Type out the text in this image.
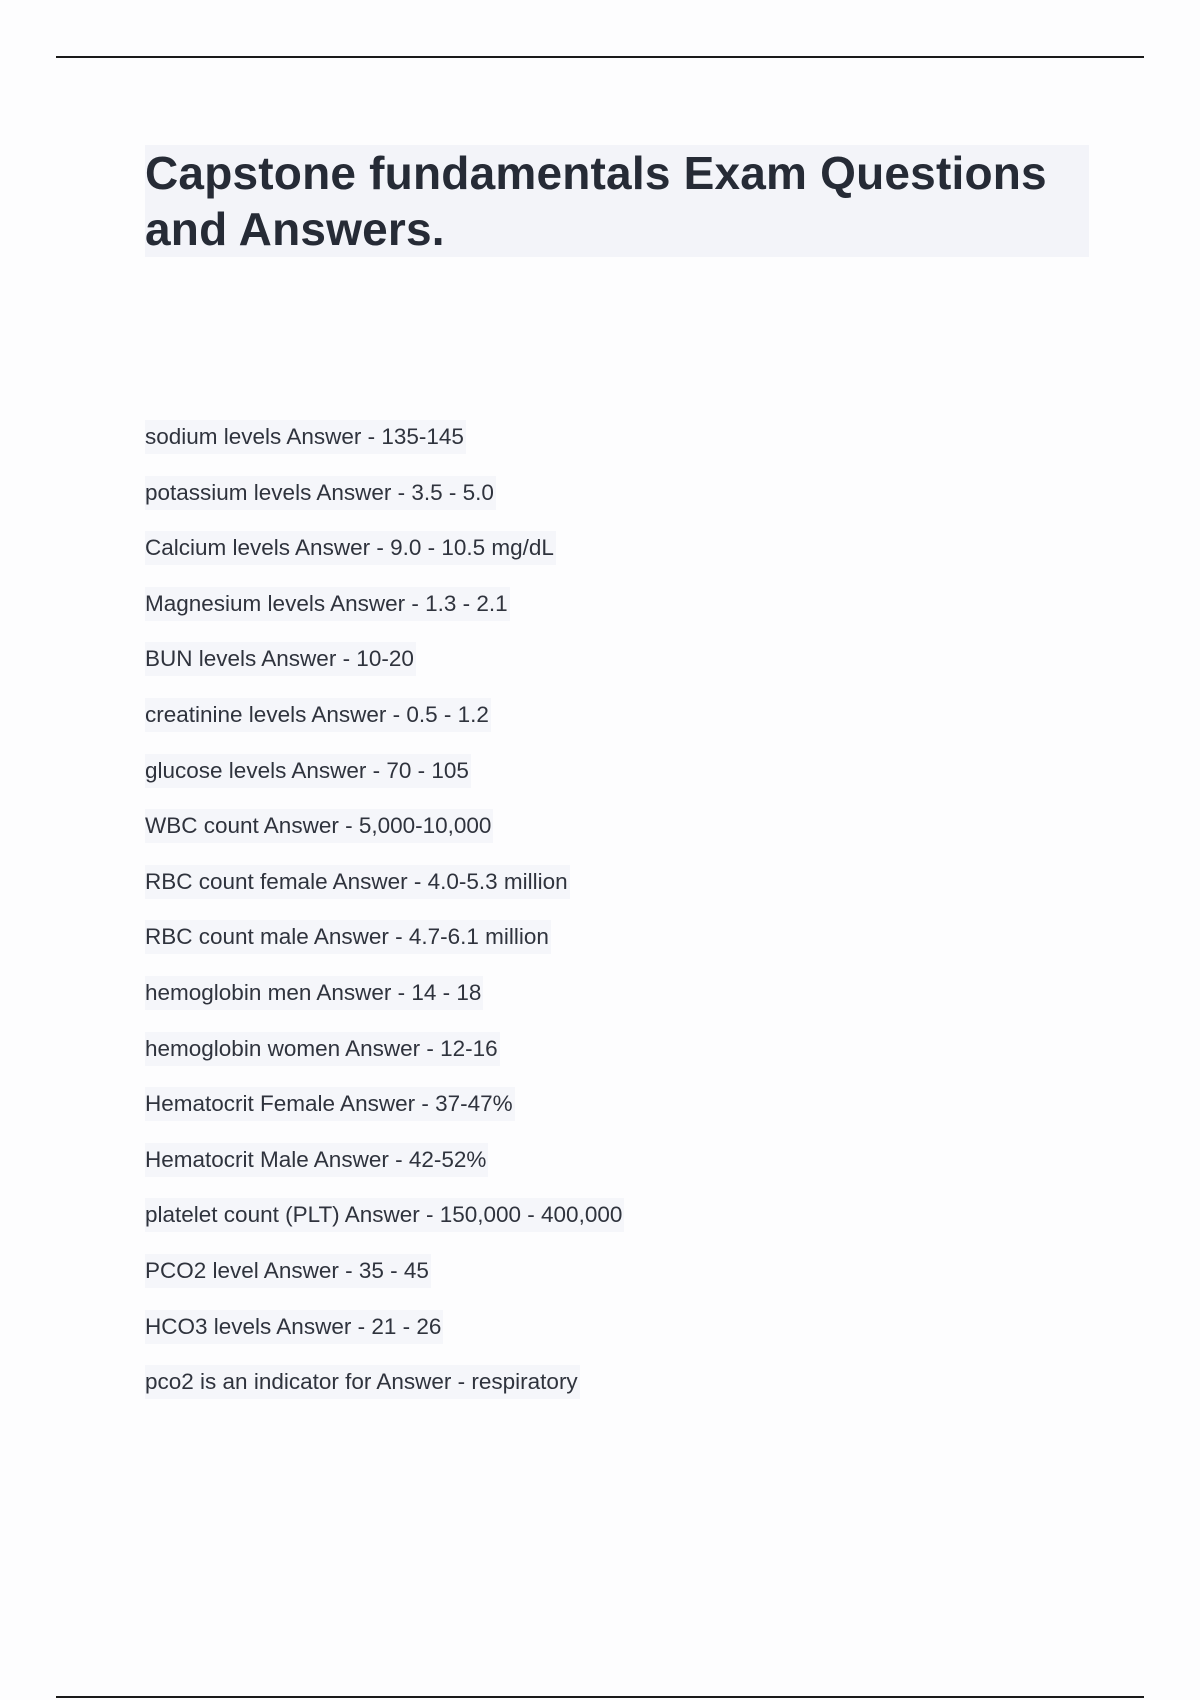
Capstone fundamentals Exam Questions and Answers.
sodium levels Answer - 135-145
potassium levels Answer - 3.5 - 5.0
Calcium levels Answer - 9.0 - 10.5 mg/dL
Magnesium levels Answer - 1.3 - 2.1
BUN levels Answer - 10-20
creatinine levels Answer - 0.5 - 1.2
glucose levels Answer - 70 - 105
WBC count Answer - 5,000-10,000
RBC count female Answer - 4.0-5.3 million
RBC count male Answer - 4.7-6.1 million
hemoglobin men Answer - 14 - 18
hemoglobin women Answer - 12-16
Hematocrit Female Answer - 37-47%
Hematocrit Male Answer - 42-52%
platelet count (PLT) Answer - 150,000 - 400,000
PCO2 level Answer - 35 - 45
HCO3 levels Answer - 21 - 26
pco2 is an indicator for Answer - respiratory
